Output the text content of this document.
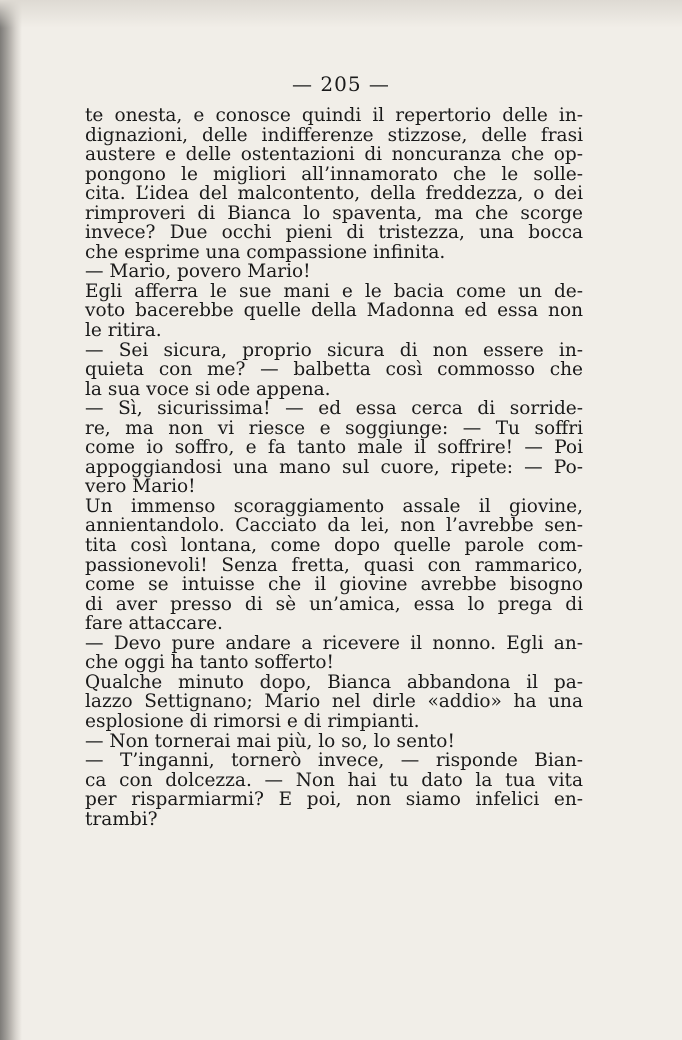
— 205 —
te onesta, e conosce quindi il repertorio delle in-
dignazioni, delle indifferenze stizzose, delle frasi
austere e delle ostentazioni di noncuranza che op-
pongono le migliori all’innamorato che le solle-
cita. L’idea del malcontento, della freddezza, o dei
rimproveri di Bianca lo spaventa, ma che scorge
invece? Due occhi pieni di tristezza, una bocca
che esprime una compassione infinita.
— Mario, povero Mario!
Egli afferra le sue mani e le bacia come un de-
voto bacerebbe quelle della Madonna ed essa non
le ritira.
— Sei sicura, proprio sicura di non essere in-
quieta con me? — balbetta così commosso che
la sua voce si ode appena.
— Sì, sicurissima! — ed essa cerca di sorride-
re, ma non vi riesce e soggiunge: — Tu soffri
come io soffro, e fa tanto male il soffrire! — Poi
appoggiandosi una mano sul cuore, ripete: — Po-
vero Mario!
Un immenso scoraggiamento assale il giovine,
annientandolo. Cacciato da lei, non l’avrebbe sen-
tita così lontana, come dopo quelle parole com-
passionevoli! Senza fretta, quasi con rammarico,
come se intuisse che il giovine avrebbe bisogno
di aver presso di sè un’amica, essa lo prega di
fare attaccare.
— Devo pure andare a ricevere il nonno. Egli an-
che oggi ha tanto sofferto!
Qualche minuto dopo, Bianca abbandona il pa-
lazzo Settignano; Mario nel dirle «addio» ha una
esplosione di rimorsi e di rimpianti.
— Non tornerai mai più, lo so, lo sento!
— T’inganni, tornerò invece, — risponde Bian-
ca con dolcezza. — Non hai tu dato la tua vita
per risparmiarmi? E poi, non siamo infelici en-
trambi?
